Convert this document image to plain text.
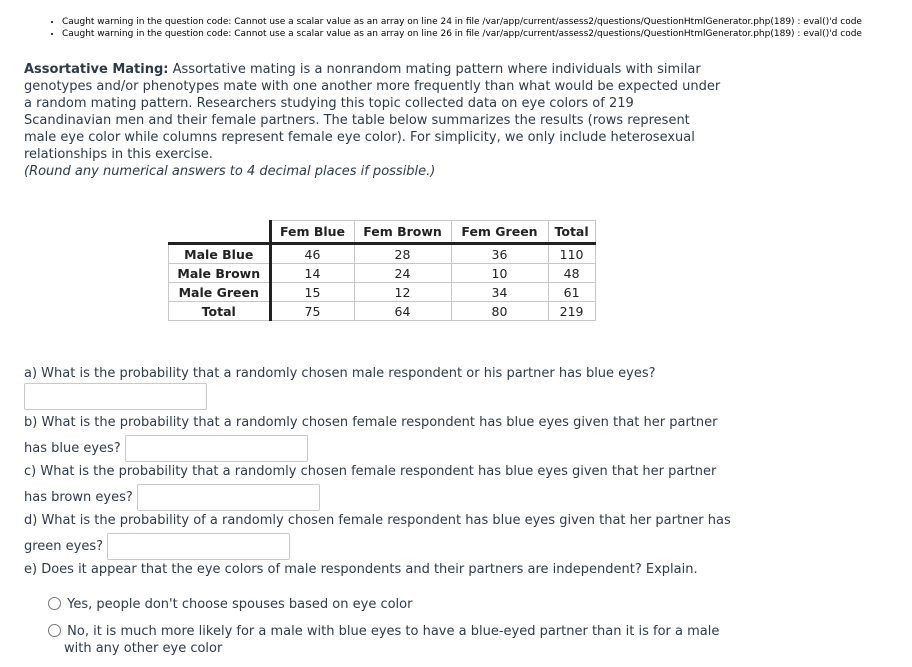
• Caught warning in the question code: Cannot use a scalar value as an array on line 24 in file /var/app/current/assess2/questions/QuestionHtmlGenerator.php(189) : eval()'d code
• Caught warning in the question code: Cannot use a scalar value as an array on line 26 in file /var/app/current/assess2/questions/QuestionHtmlGenerator.php(189) : eval()'d code

Assortative Mating: Assortative mating is a nonrandom mating pattern where individuals with similar genotypes and/or phenotypes mate with one another more frequently than what would be expected under a random mating pattern. Researchers studying this topic collected data on eye colors of 219 Scandinavian men and their female partners. The table below summarizes the results (rows represent male eye color while columns represent female eye color). For simplicity, we only include heterosexual relationships in this exercise.

(Round any numerical answers to 4 decimal places if possible.)
	Fem Blue	Fem Brown	Fem Green	Total
Male Blue	46	28	36	110
Male Brown	14	24	10	48
Male Green	15	12	34	61
Total	75	64	80	219
a) What is the probability that a randomly chosen male respondent or his partner has blue eyes?
b) What is the probability that a randomly chosen female respondent has blue eyes given that her partner
has blue eyes?
c) What is the probability that a randomly chosen female respondent has blue eyes given that her partner
has brown eyes?
d) What is the probability of a randomly chosen female respondent has blue eyes given that her partner has
green eyes?
e) Does it appear that the eye colors of male respondents and their partners are independent? Explain.
Yes, people don't choose spouses based on eye color
No, it is much more likely for a male with blue eyes to have a blue-eyed partner than it is for a male
with any other eye color
